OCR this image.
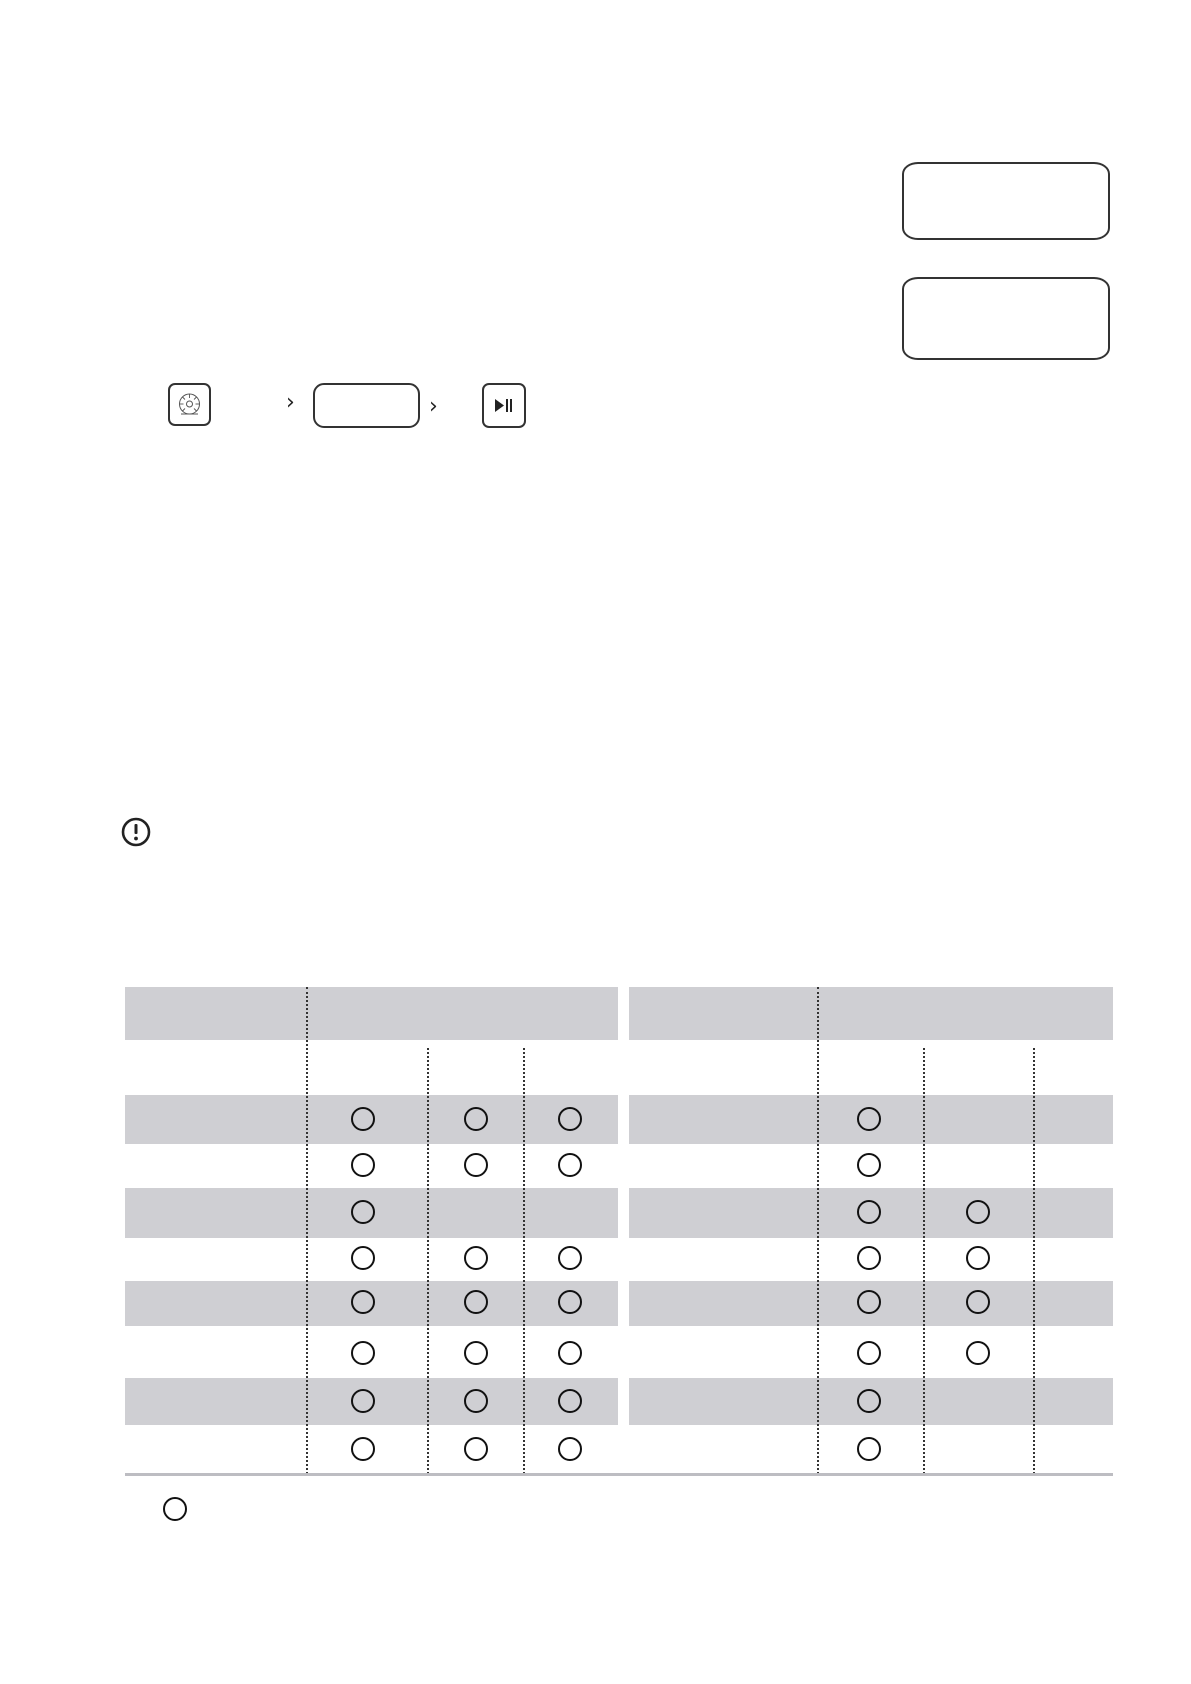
›	›
